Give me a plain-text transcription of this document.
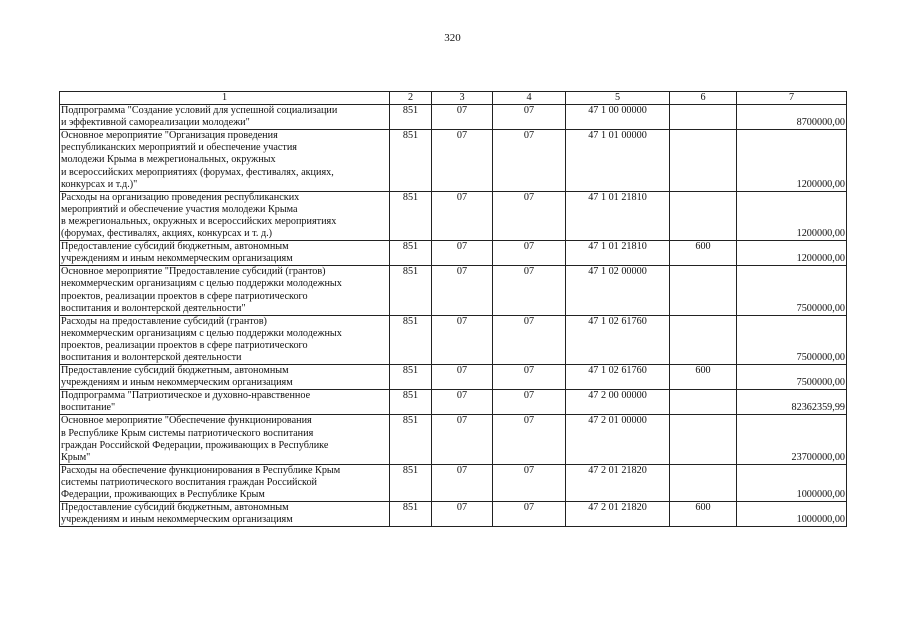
320
1	2	3	4	5	6	7
Подпрограмма "Создание условий для успешной социализации
и эффективной самореализации молодежи"	851	07	07	47 1 00 00000		8700000,00
Основное мероприятие "Организация проведения
республиканских мероприятий и обеспечение участия
молодежи Крыма в межрегиональных, окружных
и всероссийских мероприятиях (форумах, фестивалях, акциях,
конкурсах и т.д.)"	851	07	07	47 1 01 00000		1200000,00
Расходы на организацию проведения республиканских
мероприятий и обеспечение участия молодежи Крыма
в межрегиональных, окружных и всероссийских мероприятиях
(форумах, фестивалях, акциях, конкурсах и т. д.)	851	07	07	47 1 01 21810		1200000,00
Предоставление субсидий бюджетным, автономным
учреждениям и иным некоммерческим организациям	851	07	07	47 1 01 21810	600	1200000,00
Основное мероприятие "Предоставление субсидий (грантов)
некоммерческим организациям с целью поддержки молодежных
проектов, реализации проектов в сфере патриотического
воспитания и волонтерской деятельности"	851	07	07	47 1 02 00000		7500000,00
Расходы на предоставление субсидий (грантов)
некоммерческим организациям с целью поддержки молодежных
проектов, реализации проектов в сфере патриотического
воспитания и волонтерской деятельности	851	07	07	47 1 02 61760		7500000,00
Предоставление субсидий бюджетным, автономным
учреждениям и иным некоммерческим организациям	851	07	07	47 1 02 61760	600	7500000,00
Подпрограмма "Патриотическое и духовно-нравственное
воспитание"	851	07	07	47 2 00 00000		82362359,99
Основное мероприятие "Обеспечение функционирования
в Республике Крым системы патриотического воспитания
граждан Российской Федерации, проживающих в Республике
Крым"	851	07	07	47 2 01 00000		23700000,00
Расходы на обеспечение функционирования в Республике Крым
системы патриотического воспитания граждан Российской
Федерации, проживающих в Республике Крым	851	07	07	47 2 01 21820		1000000,00
Предоставление субсидий бюджетным, автономным
учреждениям и иным некоммерческим организациям	851	07	07	47 2 01 21820	600	1000000,00
